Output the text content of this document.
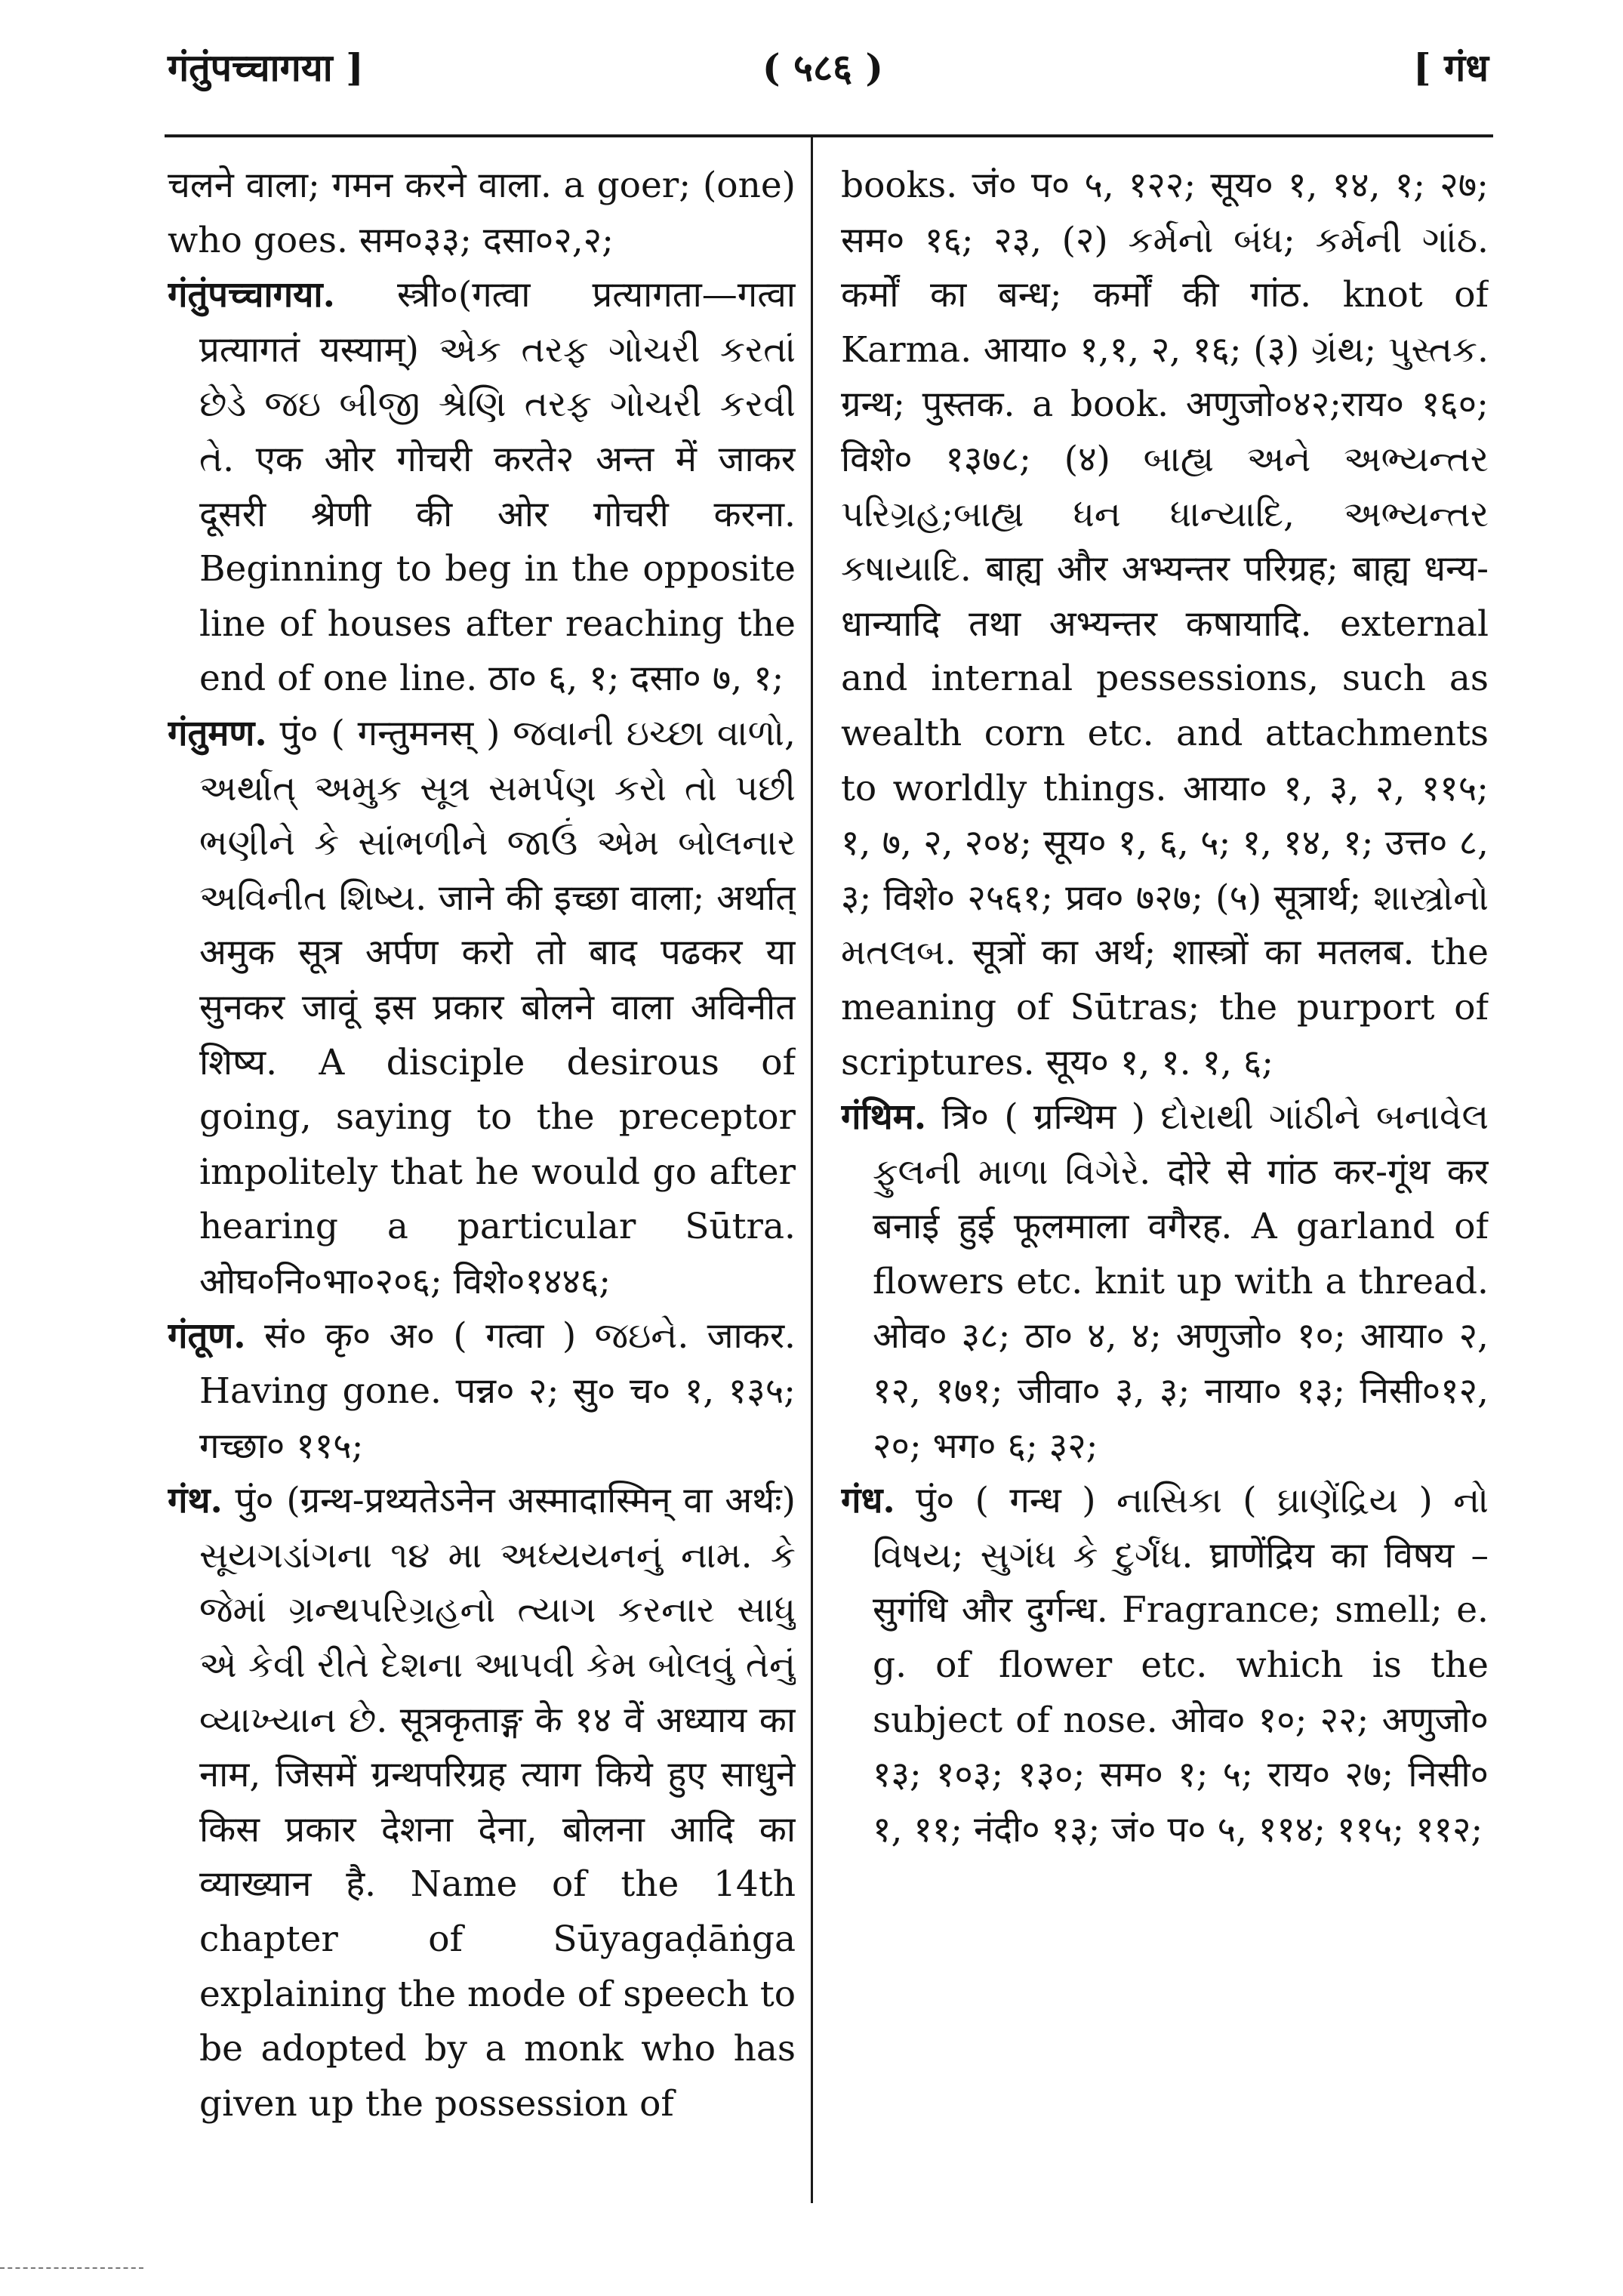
गंतुंपच्चागया ]	( ५८६ )	[ गंध

चलने वाला; गमन करने वाला. a goer; (one) who goes. सम०३३; दसा०२,२;

गंतुंपच्चागया. स्त्री०(गत्वा प्रत्यागता—गत्वा प्रत्यागतं यस्याम्) એક તરફ ગોચરી કરતાં છેડે જઇ બીજી શ્રેણિ તરફ ગોચરી કરવી તે. एक ओर गोचरी करते२ अन्त में जाकर दूसरी श्रेणी की ओर गोचरी करना. Beginning to beg in the opposite line of houses after reaching the end of one line. ठा० ६, १; दसा० ७, १;

गंतुमण. पुं० ( गन्तुमनस् ) જવાની ઇચ્છા વાળો, અર્થાત્ અમુક સૂત્ર સમર્પણ કરો તો પછી ભણીને કે સાંભળીને જાઉં એમ બોલનાર અવિનીત શિષ્ય. जाने की इच्छा वाला; अर्थात् अमुक सूत्र अर्पण करो तो बाद पढकर या सुनकर जावूं इस प्रकार बोलने वाला अविनीत शिष्य. A disciple desirous of going, saying to the preceptor impolitely that he would go after hearing a particular Sūtra. ओघ०नि०भा०२०६; विशे०१४४६;

गंतूण. सं० कृ० अ० ( गत्वा ) જઇને. जाकर. Having gone. पन्न० २; सु० च० १, १३५; गच्छा० ११५;

गंथ. पुं० (ग्रन्थ-प्रथ्यतेऽनेन अस्मादास्मिन् वा अर्थः) સૂયગડાંગના ૧૪ મા અધ્યયનનું નામ. કે જેમાં ગ્રન્થપરિગ્રહનો ત્યાગ કરનાર સાધુ એ કેવી રીતે દેશના આપવી કેમ બોલવું તેનું વ્યાખ્યાન છે. सूत्रकृताङ्ग के १४ वें अध्याय का नाम, जिसमें ग्रन्थपरिग्रह त्याग किये हुए साधुने किस प्रकार देशना देना, बोलना आदि का व्याख्यान है. Name of the 14th chapter of Sūyagaḍāṅga explaining the mode of speech to be adopted by a monk who has given up the possession of

books. जं० प० ५, १२२; सूय० १, १४, १; २७; सम० १६; २३, (२) કર્મનો બંધ; કર્મની ગાંઠ. कर्मों का बन्ध; कर्मों की गांठ. knot of Karma. आया० १,१, २, १६; (३) ગ્રંથ; પુસ્તક. ग्रन्थ; पुस्तक. a book. अणुजो०४२;राय० १६०; विशे० १३७८; (४) બાહ્ય અને અભ્યન્તર પરિગ્રહ;બાહ્ય ધન ધાન્યાદિ, અભ્યન્તર કષાયાદિ. बाह्य और अभ्यन्तर परिग्रह; बाह्य धन्य-धान्यादि तथा अभ्यन्तर कषायादि. external and internal pessessions, such as wealth corn etc. and attachments to worldly things. आया० १, ३, २, ११५; १, ७, २, २०४; सूय० १, ६, ५; १, १४, १; उत्त० ८, ३; विशे० २५६१; प्रव० ७२७; (५) सूत्रार्थ; શાસ્ત્રોનો મતલબ. सूत्रों का अर्थ; शास्त्रों का मतलब. the meaning of Sūtras; the purport of scriptures. सूय० १, १. १, ६;

गंथिम. त्रि० ( ग्रन्थिम ) દોરાથી ગાંઠીને બનાવેલ ફુલની માળા વિગેરે. दोरे से गांठ कर-गूंथ कर बनाई हुई फूलमाला वगैरह. A garland of flowers etc. knit up with a thread. ओव० ३८; ठा० ४, ४; अणुजो० १०; आया० २, १२, १७१; जीवा० ३, ३; नाया० १३; निसी०१२, २०; भग० ६; ३२;

गंध. पुं० ( गन्ध ) નાસિકા ( ઘ્રાણેંદ્રિય ) નો વિષય; સુગંધ કે દુર્ગંધ. घ्राणेंद्रिय का विषय –सुगंधि और दुर्गन्ध. Fragrance; smell; e. g. of flower etc. which is the subject of nose. ओव० १०; २२; अणुजो० १३; १०३; १३०; सम० १; ५; राय० २७; निसी० १, ११; नंदी० १३; जं० प० ५, ११४; ११५; ११२;
